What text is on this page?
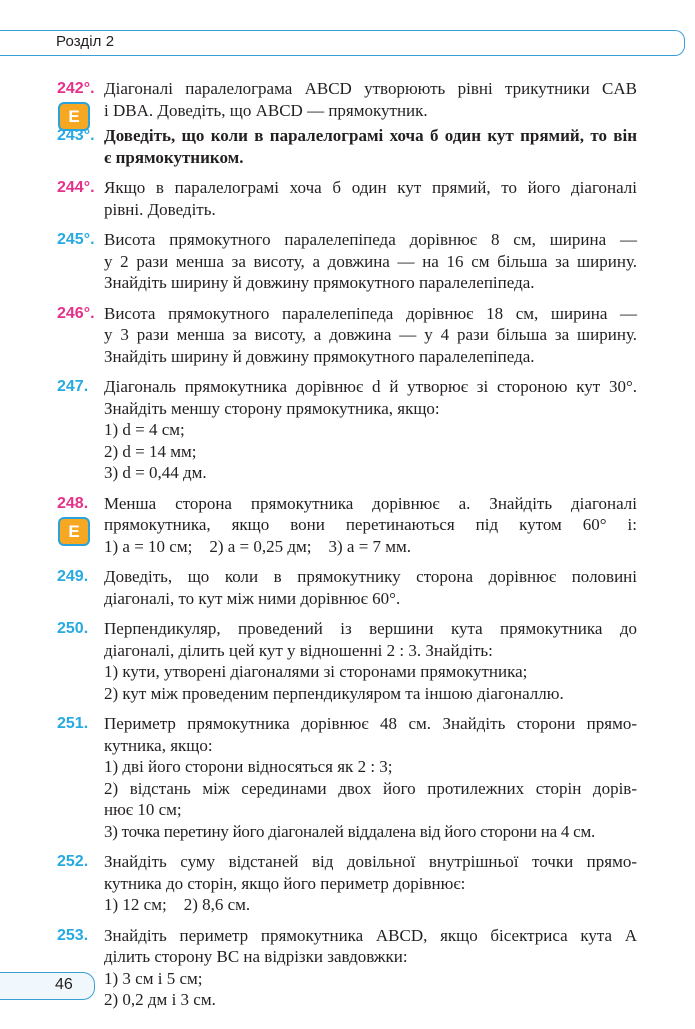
Розділ 2
242°.
E
Діагоналі паралелограма ABCD утворюють рівні трикутники CAB
і DBA. Доведіть, що ABCD — прямокутник.
243°. Доведіть, що коли в паралелограмі хоча б один кут прямий, то він
є прямокутником.
244°. Якщо в паралелограмі хоча б один кут прямий, то його діагоналі
рівні. Доведіть.
245°. Висота прямокутного паралелепіпеда дорівнює 8 см, ширина —
у 2 рази менша за висоту, а довжина — на 16 см більша за ширину.
Знайдіть ширину й довжину прямокутного паралелепіпеда.
246°. Висота прямокутного паралелепіпеда дорівнює 18 см, ширина —
у 3 рази менша за висоту, а довжина — у 4 рази більша за ширину.
Знайдіть ширину й довжину прямокутного паралелепіпеда.
247. Діагональ прямокутника дорівнює d й утворює зі стороною кут 30°.
Знайдіть меншу сторону прямокутника, якщо:
1) d = 4 см;
2) d = 14 мм;
3) d = 0,44 дм.
248.
E
Менша сторона прямокутника дорівнює a. Знайдіть діагоналі
прямокутника, якщо вони перетинаються під кутом 60° і:
1) a = 10 см;    2) a = 0,25 дм;    3) a = 7 мм.
249. Доведіть, що коли в прямокутнику сторона дорівнює половині
діагоналі, то кут між ними дорівнює 60°.
250. Перпендикуляр, проведений із вершини кута прямокутника до
діагоналі, ділить цей кут у відношенні 2 : 3. Знайдіть:
1) кути, утворені діагоналями зі сторонами прямокутника;
2) кут між проведеним перпендикуляром та іншою діагоналлю.
251. Периметр прямокутника дорівнює 48 см. Знайдіть сторони прямо-
кутника, якщо:
1) дві його сторони відносяться як 2 : 3;
2) відстань між серединами двох його протилежних сторін дорів-
нює 10 см;
3) точка перетину його діагоналей віддалена від його сторони на 4 см.
252. Знайдіть суму відстаней від довільної внутрішньої точки прямо-
кутника до сторін, якщо його периметр дорівнює:
1) 12 см;    2) 8,6 см.
253. Знайдіть периметр прямокутника ABCD, якщо бісектриса кута A
ділить сторону BC на відрізки завдовжки:
1) 3 см і 5 см;
2) 0,2 дм і 3 см.
46
